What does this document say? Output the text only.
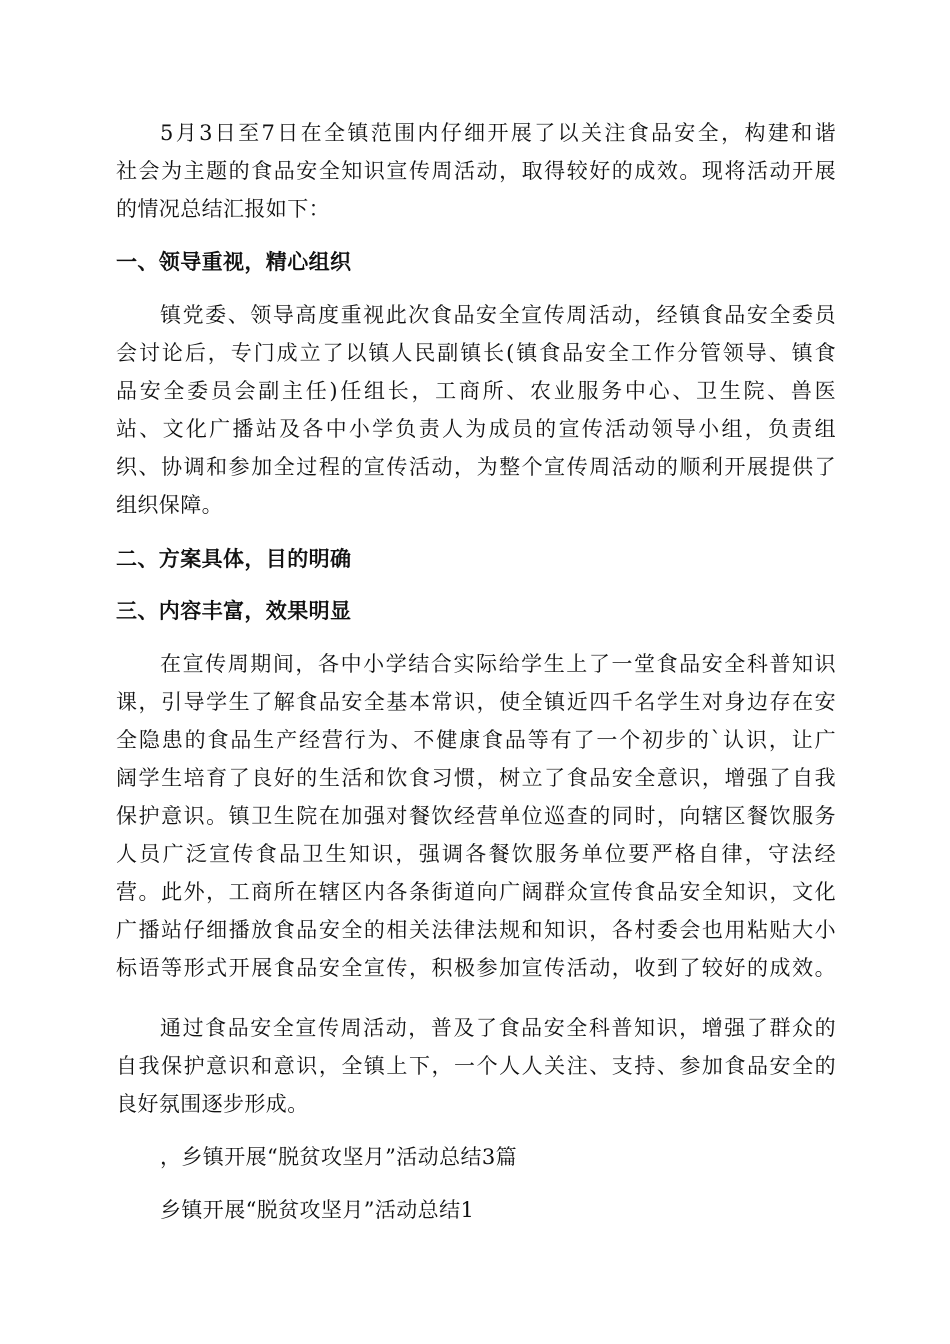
5月3日至7日在全镇范围内仔细开展了以关注食品安全，构建和谐
社会为主题的食品安全知识宣传周活动，取得较好的成效。现将活动开展
的情况总结汇报如下：
一、领导重视，精心组织
镇党委、领导高度重视此次食品安全宣传周活动，经镇食品安全委员
会讨论后，专门成立了以镇人民副镇长(镇食品安全工作分管领导、镇食
品安全委员会副主任)任组长，工商所、农业服务中心、卫生院、兽医
站、文化广播站及各中小学负责人为成员的宣传活动领导小组，负责组
织、协调和参加全过程的宣传活动，为整个宣传周活动的顺利开展提供了
组织保障。
二、方案具体，目的明确
三、内容丰富，效果明显
在宣传周期间，各中小学结合实际给学生上了一堂食品安全科普知识
课，引导学生了解食品安全基本常识，使全镇近四千名学生对身边存在安
全隐患的食品生产经营行为、不健康食品等有了一个初步的`认识，让广
阔学生培育了良好的生活和饮食习惯，树立了食品安全意识，增强了自我
保护意识。镇卫生院在加强对餐饮经营单位巡查的同时，向辖区餐饮服务
人员广泛宣传食品卫生知识，强调各餐饮服务单位要严格自律，守法经
营。此外，工商所在辖区内各条街道向广阔群众宣传食品安全知识，文化
广播站仔细播放食品安全的相关法律法规和知识，各村委会也用粘贴大小
标语等形式开展食品安全宣传，积极参加宣传活动，收到了较好的成效。
通过食品安全宣传周活动，普及了食品安全科普知识，增强了群众的
自我保护意识和意识，全镇上下，一个人人关注、支持、参加食品安全的
良好氛围逐步形成。
，乡镇开展“脱贫攻坚月”活动总结3篇
乡镇开展“脱贫攻坚月”活动总结1
